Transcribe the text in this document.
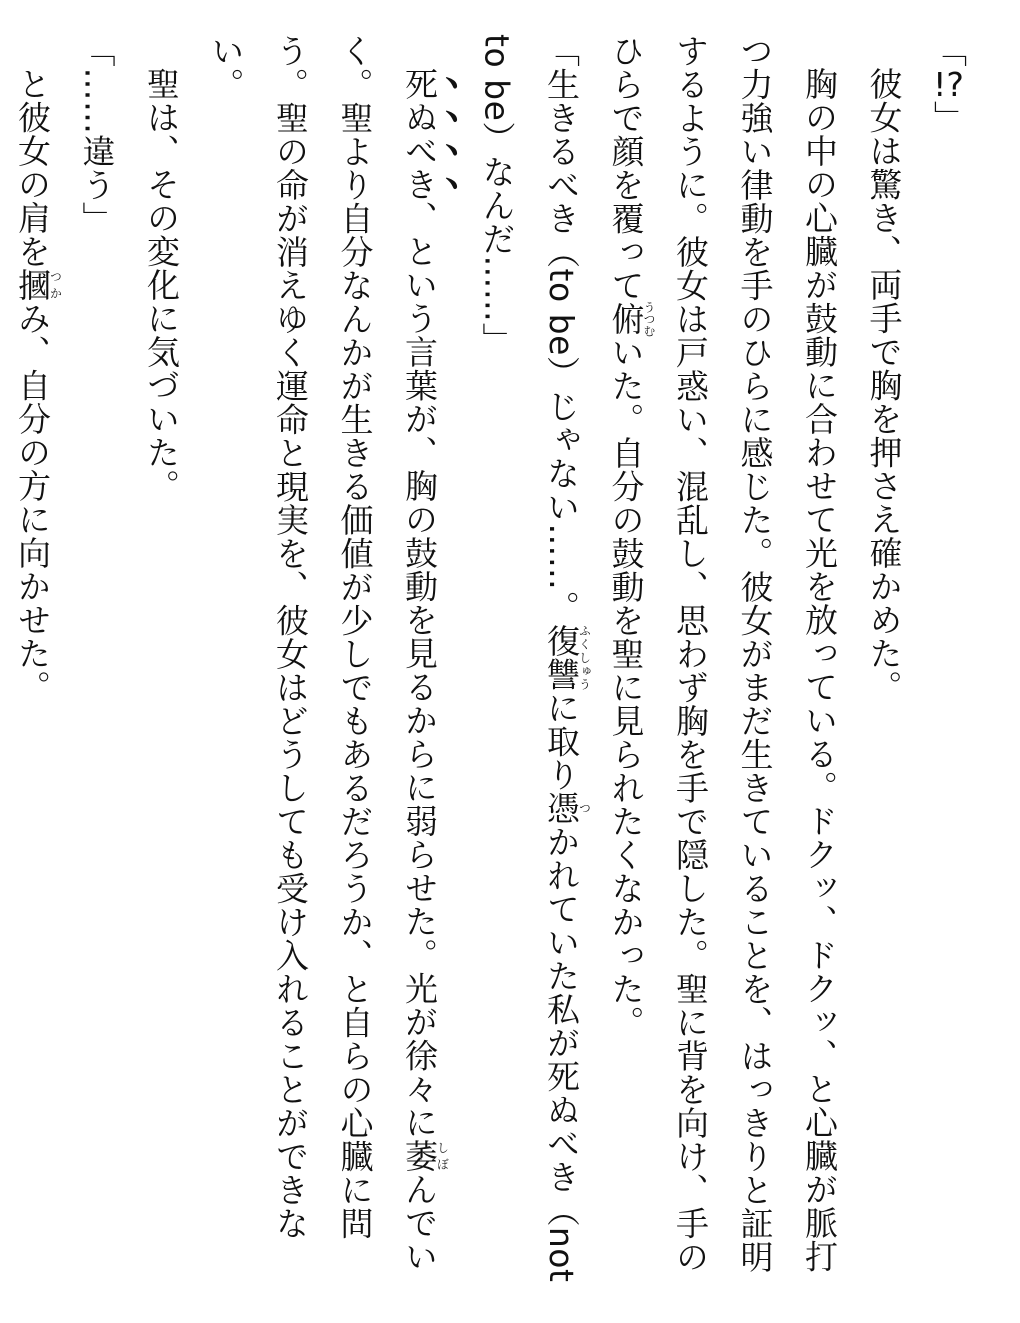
「!?」

彼女は驚き、両手で胸を押さえ確かめた。

胸の中の心臓が鼓動に合わせて光を放っている。ドクッ、ドクッ、と心臓が脈打つ力強い律動を手のひらに感じた。彼女がまだ生きていることを、はっきりと証明するように。彼女は戸惑い、混乱し、思わず胸を手で隠した。聖に背を向け、手のひらで顔を覆って俯うつむいた。自分の鼓動を聖に見られたくなかった。

「生きるべき（to be）じゃない……。復讐ふくしゅうに取り憑つかれていた私が死ぬべき（not to be）なんだ……」

死ぬべき、という言葉が、胸の鼓動を見るからに弱らせた。光が徐々に萎しぼんでいく。聖より自分なんかが生きる価値が少しでもあるだろうか、と自らの心臓に問う。聖の命が消えゆく運命と現実を、彼女はどうしても受け入れることができない。

聖は、その変化に気づいた。

「……違う」

と彼女の肩を摑つかみ、自分の方に向かせた。
